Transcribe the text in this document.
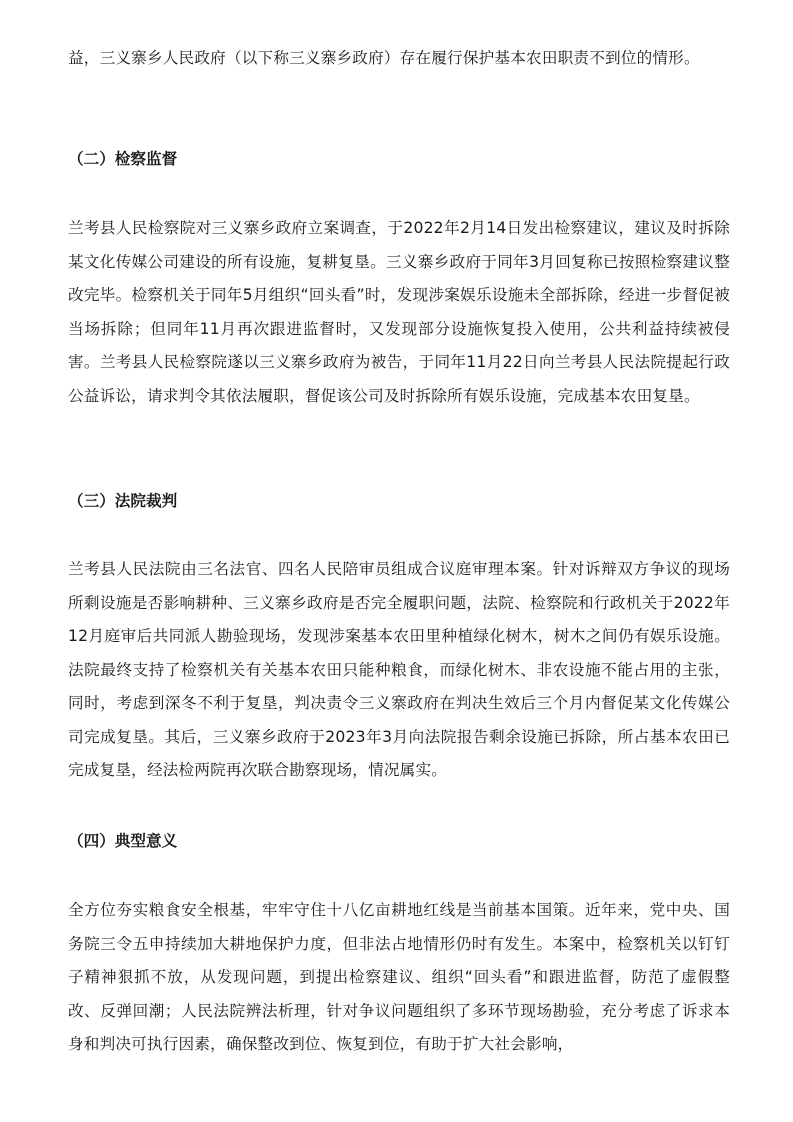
益，三义寨乡人民政府（以下称三义寨乡政府）存在履行保护基本农田职责不到位的情形。

（二）检察监督

兰考县人民检察院对三义寨乡政府立案调查，于2022年2月14日发出检察建议，建议及时拆除某文化传媒公司建设的所有设施，复耕复垦。三义寨乡政府于同年3月回复称已按照检察建议整改完毕。检察机关于同年5月组织“回头看”时，发现涉案娱乐设施未全部拆除，经进一步督促被当场拆除；但同年11月再次跟进监督时，又发现部分设施恢复投入使用，公共利益持续被侵害。兰考县人民检察院遂以三义寨乡政府为被告，于同年11月22日向兰考县人民法院提起行政公益诉讼，请求判令其依法履职，督促该公司及时拆除所有娱乐设施，完成基本农田复垦。

（三）法院裁判

兰考县人民法院由三名法官、四名人民陪审员组成合议庭审理本案。针对诉辩双方争议的现场所剩设施是否影响耕种、三义寨乡政府是否完全履职问题，法院、检察院和行政机关于2022年12月庭审后共同派人勘验现场，发现涉案基本农田里种植绿化树木，树木之间仍有娱乐设施。法院最终支持了检察机关有关基本农田只能种粮食，而绿化树木、非农设施不能占用的主张，同时，考虑到深冬不利于复垦，判决责令三义寨政府在判决生效后三个月内督促某文化传媒公司完成复垦。其后，三义寨乡政府于2023年3月向法院报告剩余设施已拆除，所占基本农田已完成复垦，经法检两院再次联合勘察现场，情况属实。

（四）典型意义

全方位夯实粮食安全根基，牢牢守住十八亿亩耕地红线是当前基本国策。近年来，党中央、国务院三令五申持续加大耕地保护力度，但非法占地情形仍时有发生。本案中，检察机关以钉钉子精神狠抓不放，从发现问题，到提出检察建议、组织“回头看”和跟进监督，防范了虚假整改、反弹回潮；人民法院辨法析理，针对争议问题组织了多环节现场勘验，充分考虑了诉求本身和判决可执行因素，确保整改到位、恢复到位，有助于扩大社会影响，
